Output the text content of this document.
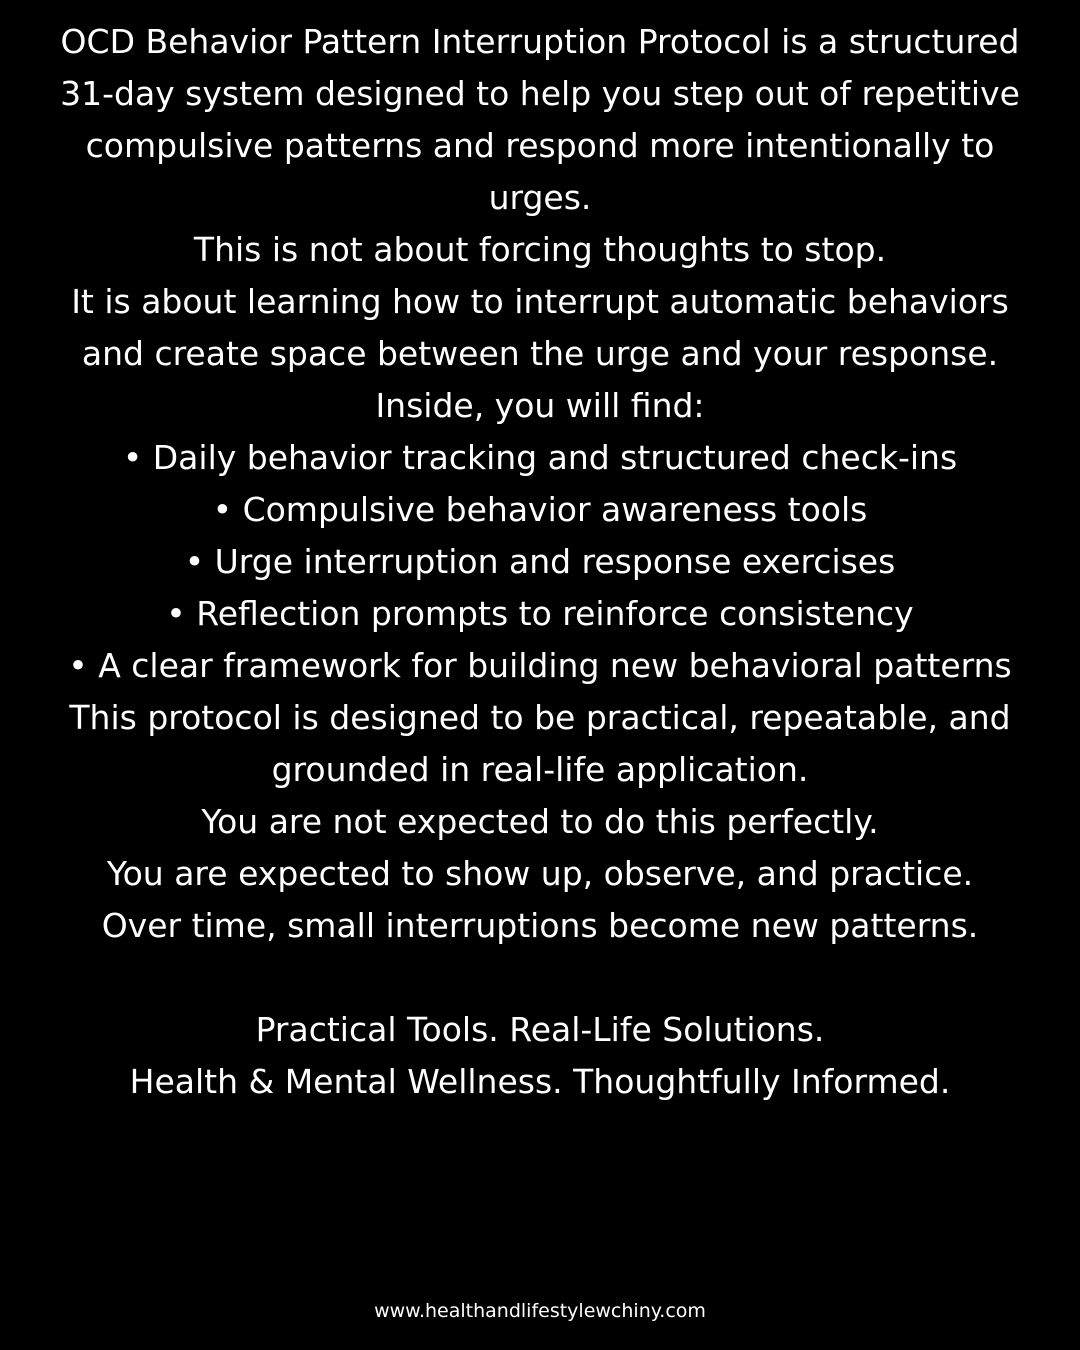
OCD Behavior Pattern Interruption Protocol is a structured 31-day system designed to help you step out of repetitive compulsive patterns and respond more intentionally to urges.
This is not about forcing thoughts to stop.
It is about learning how to interrupt automatic behaviors and create space between the urge and your response.
Inside, you will find:
• Daily behavior tracking and structured check-ins
• Compulsive behavior awareness tools
• Urge interruption and response exercises
• Reflection prompts to reinforce consistency
• A clear framework for building new behavioral patterns
This protocol is designed to be practical, repeatable, and grounded in real-life application.
You are not expected to do this perfectly.
You are expected to show up, observe, and practice.
Over time, small interruptions become new patterns.
Practical Tools. Real-Life Solutions.
Health & Mental Wellness. Thoughtfully Informed.
www.healthandlifestylewchiny.com
